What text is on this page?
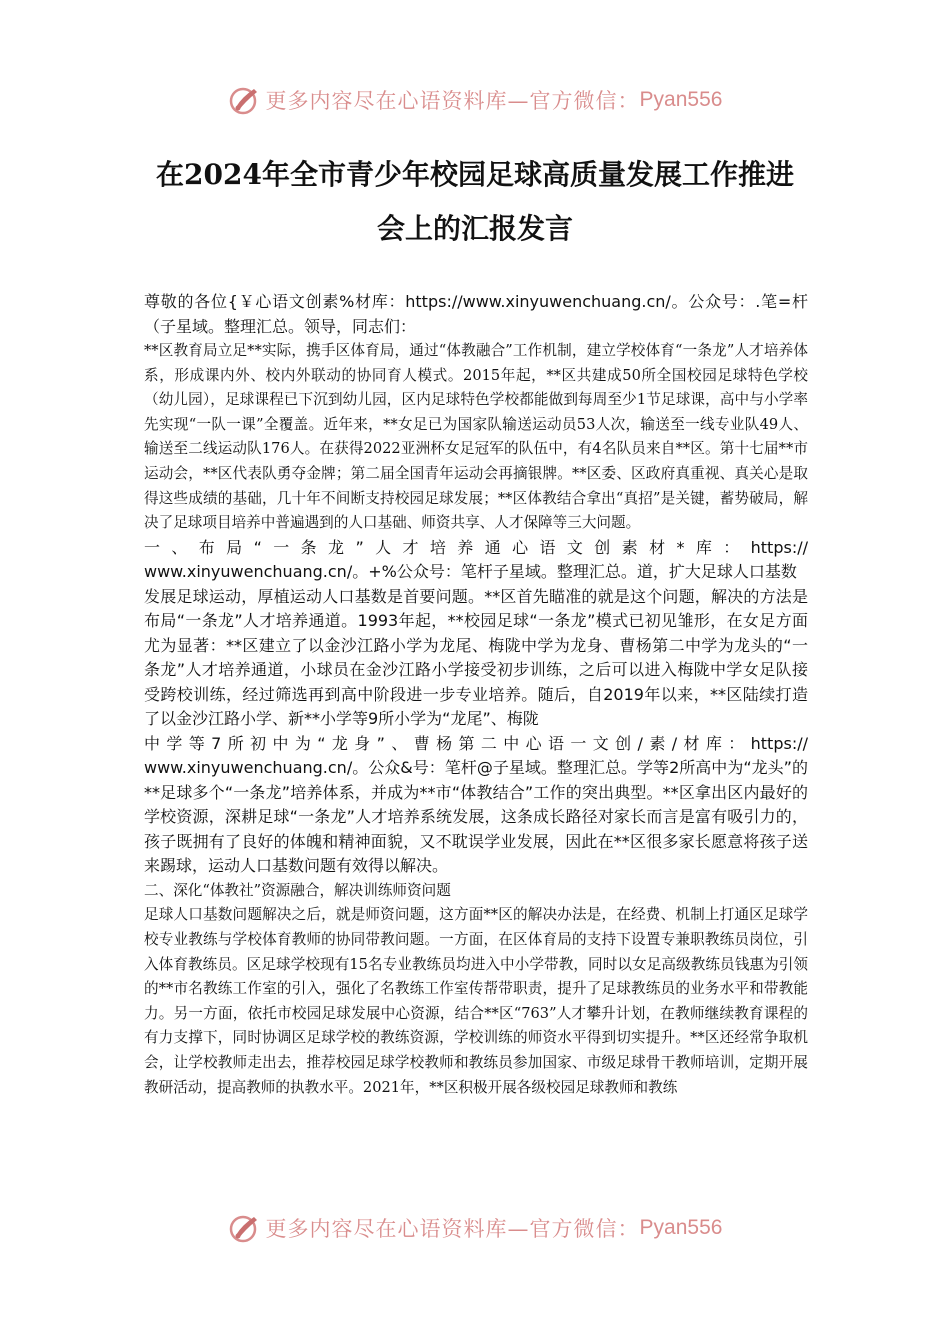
更多内容尽在心语资料库—官方微信： Pyan556
在2024年全市青少年校园足球高质量发展工作推进
会上的汇报发言

尊敬的各位{￥心语文创素%材库：https://www.xinyuwenchuang.cn/。公众号：.笔=杆（子星域。整理汇总。领导，同志们：

**区教育局立足**实际，携手区体育局，通过“体教融合”工作机制，建立学校体育“一条龙”人才培养体系，形成课内外、校内外联动的协同育人模式。2015年起，**区共建成50所全国校园足球特色学校（幼儿园），足球课程已下沉到幼儿园，区内足球特色学校都能做到每周至少1节足球课，高中与小学率先实现“一队一课”全覆盖。近年来，**女足已为国家队输送运动员53人次，输送至一线专业队49人、输送至二线运动队176人。在获得2022亚洲杯女足冠军的队伍中，有4名队员来自**区。第十七届**市运动会，**区代表队勇夺金牌；第二届全国青年运动会再摘银牌。**区委、区政府真重视、真关心是取得这些成绩的基础，几十年不间断支持校园足球发展；**区体教结合拿出“真招”是关键，蓄势破局，解决了足球项目培养中普遍遇到的人口基础、师资共享、人才保障等三大问题。

一、布局“一条龙”人才培养通心语文创素材*库：https://

www.xinyuwenchuang.cn/。+%公众号：笔杆子星域。整理汇总。道，扩大足球人口基数

发展足球运动，厚植运动人口基数是首要问题。**区首先瞄准的就是这个问题，解决的方法是布局“一条龙”人才培养通道。1993年起，**校园足球“一条龙”模式已初见雏形，在女足方面尤为显著：**区建立了以金沙江路小学为龙尾、梅陇中学为龙身、曹杨第二中学为龙头的“一条龙”人才培养通道，小球员在金沙江路小学接受初步训练，之后可以进入梅陇中学女足队接受跨校训练，经过筛选再到高中阶段进一步专业培养。随后，自2019年以来，**区陆续打造了以金沙江路小学、新**小学等9所小学为“龙尾”、梅陇

中学等7所初中为“龙身”、曹杨第二中心语一文创/素/材库：https://

www.xinyuwenchuang.cn/。公众&号：笔杆@子星域。整理汇总。学等2所高中为“龙头”的**足球多个“一条龙”培养体系，并成为**市“体教结合”工作的突出典型。**区拿出区内最好的学校资源，深耕足球“一条龙”人才培养系统发展，这条成长路径对家长而言是富有吸引力的，孩子既拥有了良好的体魄和精神面貌，又不耽误学业发展，因此在**区很多家长愿意将孩子送来踢球，运动人口基数问题有效得以解决。

二、深化“体教社”资源融合，解决训练师资问题

足球人口基数问题解决之后，就是师资问题，这方面**区的解决办法是，在经费、机制上打通区足球学校专业教练与学校体育教师的协同带教问题。一方面，在区体育局的支持下设置专兼职教练员岗位，引入体育教练员。区足球学校现有15名专业教练员均进入中小学带教，同时以女足高级教练员钱惠为引领的**市名教练工作室的引入，强化了名教练工作室传帮带职责，提升了足球教练员的业务水平和带教能力。另一方面，依托市校园足球发展中心资源，结合**区“763”人才攀升计划，在教师继续教育课程的有力支撑下，同时协调区足球学校的教练资源，学校训练的师资水平得到切实提升。**区还经常争取机会，让学校教师走出去，推荐校园足球学校教师和教练员参加国家、市级足球骨干教师培训，定期开展教研活动，提高教师的执教水平。2021年，**区积极开展各级校园足球教师和教练

更多内容尽在心语资料库—官方微信： Pyan556
